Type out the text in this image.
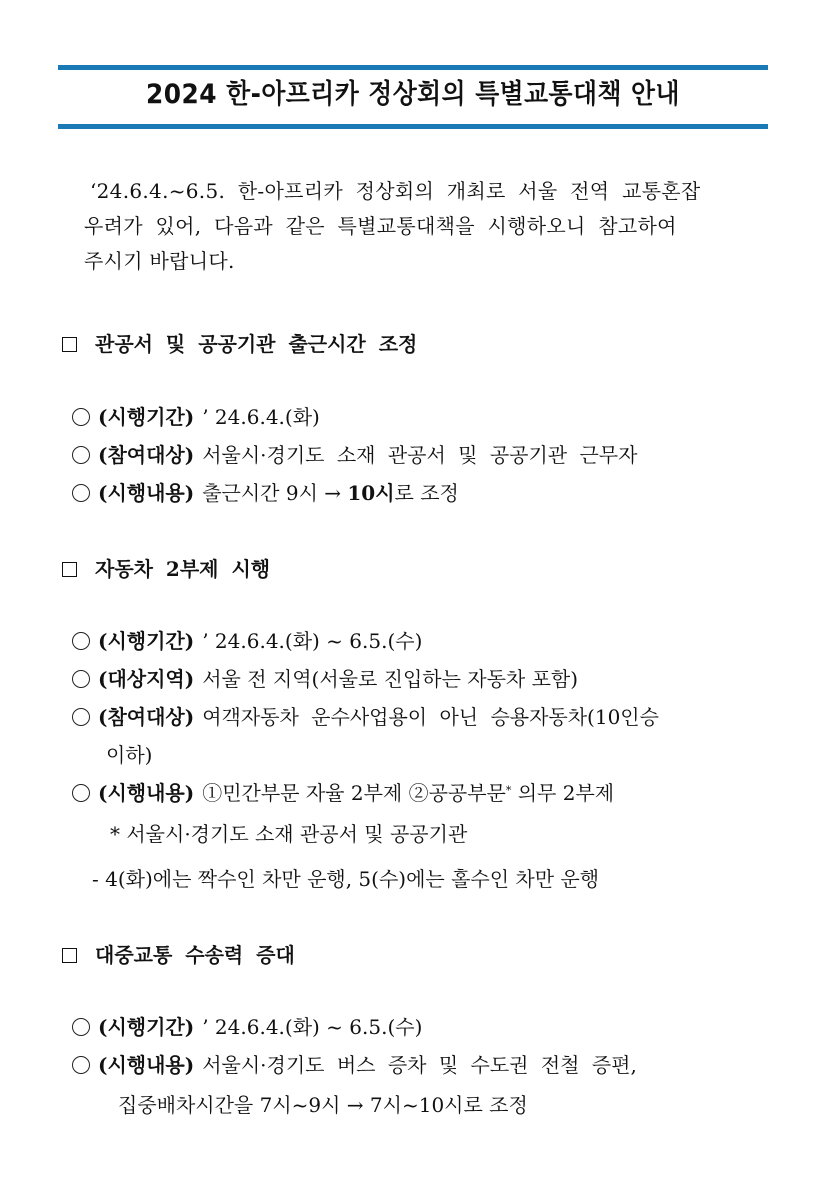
2024 한-아프리카 정상회의 특별교통대책 안내
‘24.6.4.~6.5. 한-아프리카 정상회의 개최로 서울 전역 교통혼잡
우려가 있어, 다음과 같은 특별교통대책을 시행하오니 참고하여
주시기 바랍니다.
관공서 및 공공기관 출근시간 조정
(시행기간) ’ 24.6.4.(화)
(참여대상) 서울시·경기도 소재 관공서 및 공공기관 근무자
(시행내용) 출근시간 9시 → 10시 로 조정
자동차 2부제 시행
(시행기간) ’ 24.6.4.(화) ~ 6.5.(수)
(대상지역) 서울 전 지역(서울로 진입하는 자동차 포함)
(참여대상) 여객자동차 운수사업용이 아닌 승용자동차(10인승
이하)
(시행내용) ①민간부문 자율 2부제 ②공공부문* 의무 2부제
* 서울시·경기도 소재 관공서 및 공공기관
- 4(화)에는 짝수인 차만 운행, 5(수)에는 홀수인 차만 운행
대중교통 수송력 증대
(시행기간) ’ 24.6.4.(화) ~ 6.5.(수)
(시행내용) 서울시·경기도 버스 증차 및 수도권 전철 증편,
집중배차시간을 7시~9시 → 7시~10시로 조정
